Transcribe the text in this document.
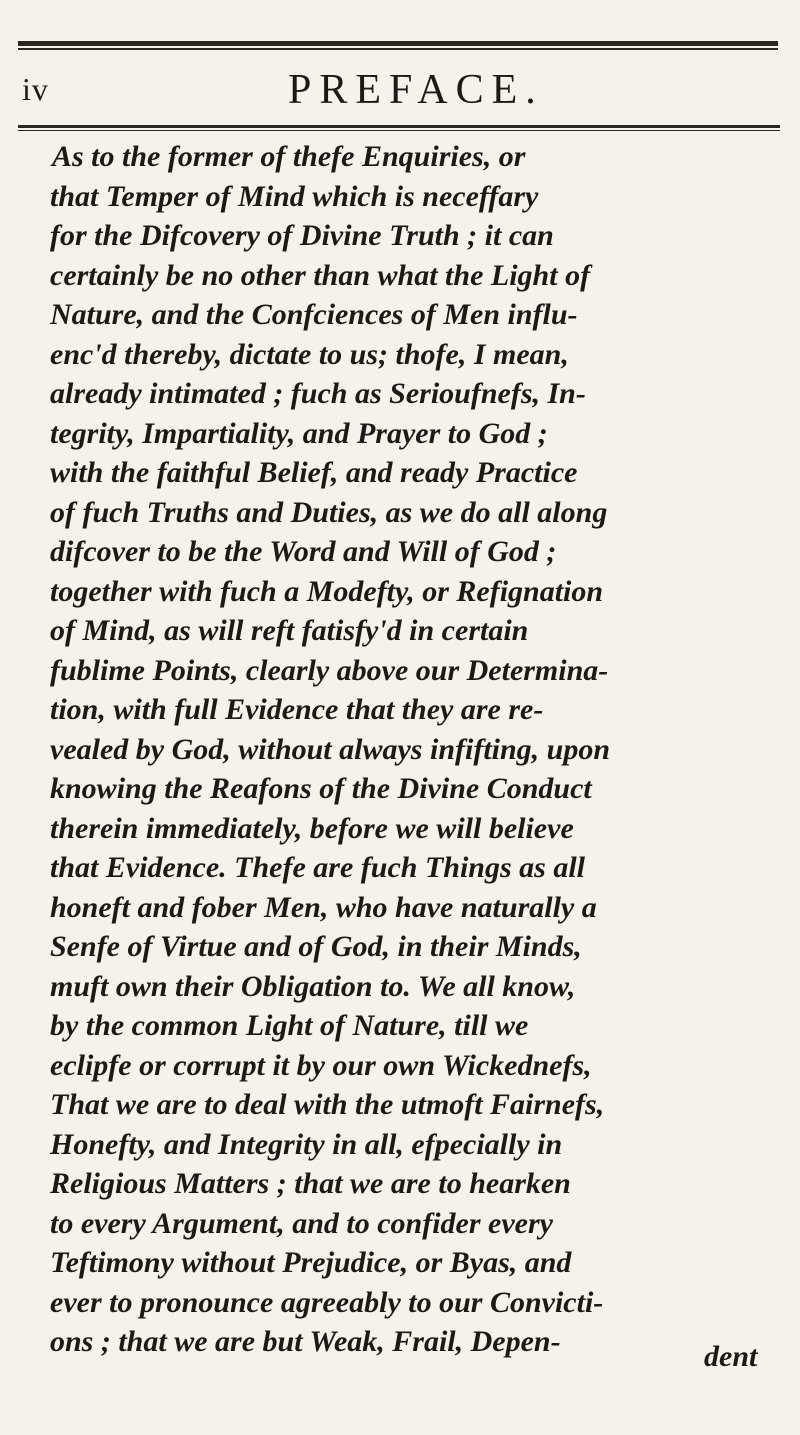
iv	PREFACE.
As to the former of thefe Enquiries, or
that Temper of Mind which is neceffary
for the Difcovery of Divine Truth ; it can
certainly be no other than what the Light of
Nature, and the Confciences of Men influ-
enc'd thereby, dictate to us; thofe, I mean,
already intimated ; fuch as Serioufnefs, In-
tegrity, Impartiality, and Prayer to God ;
with the faithful Belief, and ready Practice
of fuch Truths and Duties, as we do all along
difcover to be the Word and Will of God ;
together with fuch a Modefty, or Refignation
of Mind, as will reft fatisfy'd in certain
fublime Points, clearly above our Determina-
tion, with full Evidence that they are re-
vealed by God, without always infifting, upon
knowing the Reafons of the Divine Conduct
therein immediately, before we will believe
that Evidence. Thefe are fuch Things as all
honeft and fober Men, who have naturally a
Senfe of Virtue and of God, in their Minds,
muft own their Obligation to. We all know,
by the common Light of Nature, till we
eclipfe or corrupt it by our own Wickednefs,
That we are to deal with the utmoft Fairnefs,
Honefty, and Integrity in all, efpecially in
Religious Matters ; that we are to hearken
to every Argument, and to confider every
Teftimony without Prejudice, or Byas, and
ever to pronounce agreeably to our Convicti-
ons ; that we are but Weak, Frail, Depen-	dent
